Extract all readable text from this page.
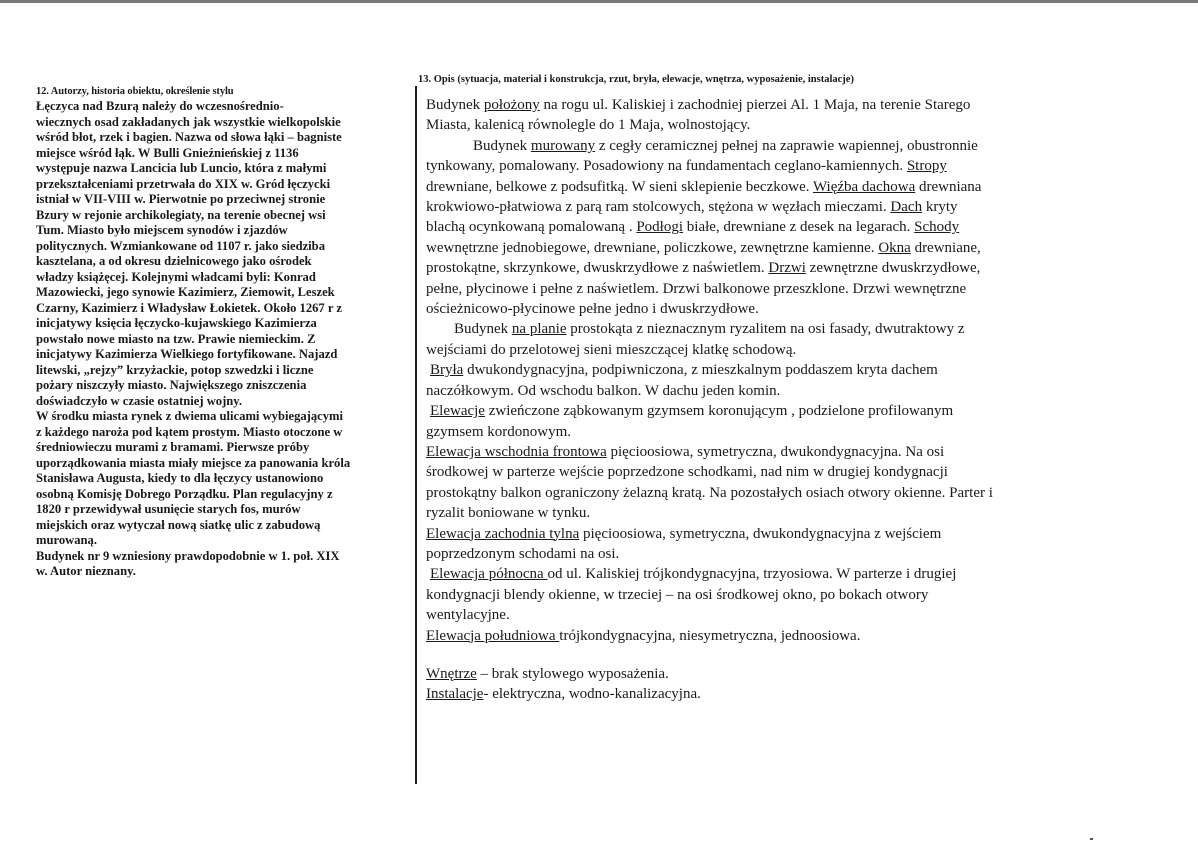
12. Autorzy, historia obiektu, określenie stylu
Łęczyca nad Bzurą należy do wczesnośrednio-
wiecznych osad zakładanych jak wszystkie wielkopolskie
wśród błot, rzek i bagien. Nazwa od słowa łąki – bagniste
miejsce wśród łąk. W Bulli Gnieźnieńskiej z 1136
występuje nazwa Lancicia lub Luncio, która z małymi
przekształceniami przetrwała do XIX w. Gród łęczycki
istniał w VII-VIII w. Pierwotnie po przeciwnej stronie
Bzury w rejonie archikolegiaty, na terenie obecnej wsi
Tum. Miasto było miejscem synodów i zjazdów
politycznych. Wzmiankowane od 1107 r. jako siedziba
kasztelana, a od okresu dzielnicowego jako ośrodek
władzy książęcej. Kolejnymi władcami byli: Konrad
Mazowiecki, jego synowie Kazimierz, Ziemowit, Leszek
Czarny, Kazimierz i Władysław Łokietek. Około 1267 r z
inicjatywy księcia łęczycko-kujawskiego Kazimierza
powstało nowe miasto na tzw. Prawie niemieckim. Z
inicjatywy Kazimierza Wielkiego fortyfikowane. Najazd
litewski, „rejzy” krzyżackie, potop szwedzki i liczne
pożary niszczyły miasto. Największego zniszczenia
doświadczyło w czasie ostatniej wojny.
W środku miasta rynek z dwiema ulicami wybiegającymi
z każdego naroża pod kątem prostym. Miasto otoczone w
średniowieczu murami z bramami. Pierwsze próby
uporządkowania miasta miały miejsce za panowania króla
Stanisława Augusta, kiedy to dla łęczycy ustanowiono
osobną Komisję Dobrego Porządku. Plan regulacyjny z
1820 r przewidywał usunięcie starych fos, murów
miejskich oraz wytyczał nową siatkę ulic z zabudową
murowaną.
Budynek nr 9 wzniesiony prawdopodobnie w 1. poł. XIX
w. Autor nieznany.
13. Opis (sytuacja, materiał i konstrukcja, rzut, bryła, elewacje, wnętrza, wyposażenie, instalacje)
Budynek położony na rogu ul. Kaliskiej i zachodniej pierzei Al. 1 Maja, na terenie Starego
Miasta, kalenicą równolegle do 1 Maja, wolnostojący.
Budynek murowany z cegły ceramicznej pełnej na zaprawie wapiennej, obustronnie
tynkowany, pomalowany. Posadowiony na fundamentach ceglano-kamiennych. Stropy
drewniane, belkowe z podsufitką. W sieni sklepienie beczkowe. Więźba dachowa drewniana
krokwiowo-płatwiowa z parą ram stolcowych, stężona w węzłach mieczami. Dach kryty
blachą ocynkowaną pomalowaną . Podłogi białe, drewniane z desek na legarach. Schody
wewnętrzne jednobiegowe, drewniane, policzkowe, zewnętrzne kamienne. Okna drewniane,
prostokątne, skrzynkowe, dwuskrzydłowe z naświetlem. Drzwi zewnętrzne dwuskrzydłowe,
pełne, płycinowe i pełne z naświetlem. Drzwi balkonowe przeszklone. Drzwi wewnętrzne
ościeżnicowo-płycinowe pełne jedno i dwuskrzydłowe.
Budynek na planie prostokąta z nieznacznym ryzalitem na osi fasady, dwutraktowy z
wejściami do przelotowej sieni mieszczącej klatkę schodową.
Bryła dwukondygnacyjna, podpiwniczona, z mieszkalnym poddaszem kryta dachem
naczółkowym. Od wschodu balkon. W dachu jeden komin.
Elewacje zwieńczone ząbkowanym gzymsem koronującym , podzielone profilowanym
gzymsem kordonowym.
Elewacja wschodnia frontowa pięcioosiowa, symetryczna, dwukondygnacyjna. Na osi
środkowej w parterze wejście poprzedzone schodkami, nad nim w drugiej kondygnacji
prostokątny balkon ograniczony żelazną kratą. Na pozostałych osiach otwory okienne. Parter i
ryzalit boniowane w tynku.
Elewacja zachodnia tylna pięcioosiowa, symetryczna, dwukondygnacyjna z wejściem
poprzedzonym schodami na osi.
Elewacja północna od ul. Kaliskiej trójkondygnacyjna, trzyosiowa. W parterze i drugiej
kondygnacji blendy okienne, w trzeciej – na osi środkowej okno, po bokach otwory
wentylacyjne.
Elewacja południowa trójkondygnacyjna, niesymetryczna, jednoosiowa.
Wnętrze – brak stylowego wyposażenia.
Instalacje- elektryczna, wodno-kanalizacyjna.
